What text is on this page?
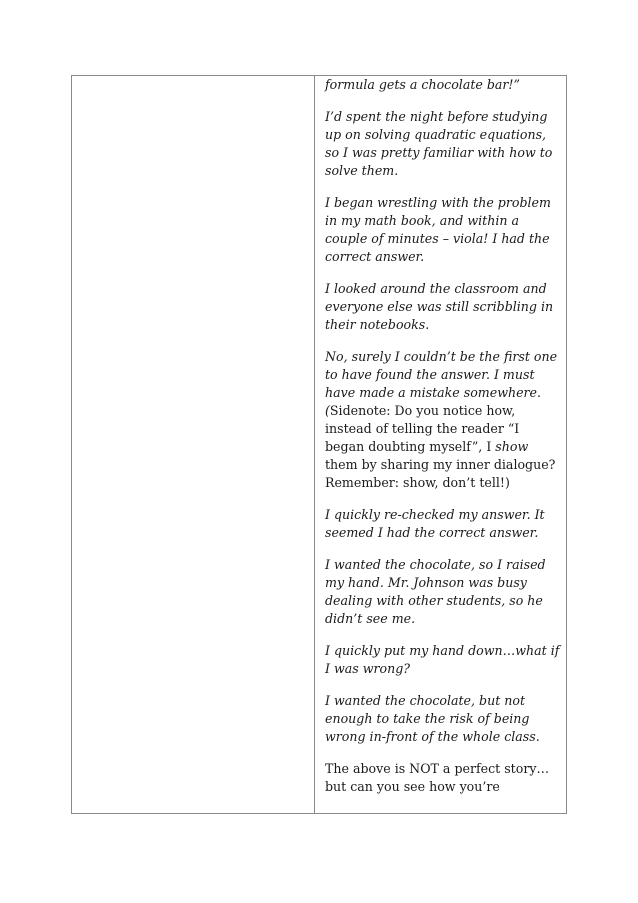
formula gets a chocolate bar!”

I’d spent the night before studying up on solving quadratic equations, so I was pretty familiar with how to solve them.

I began wrestling with the problem in my math book, and within a couple of minutes – viola! I had the correct answer.

I looked around the classroom and everyone else was still scribbling in their notebooks.

No, surely I couldn’t be the first one to have found the answer. I must have made a mistake somewhere. (Sidenote: Do you notice how, instead of telling the reader “I began doubting myself”, I show them by sharing my inner dialogue? Remember: show, don’t tell!)

I quickly re-checked my answer. It seemed I had the correct answer.

I wanted the chocolate, so I raised my hand. Mr. Johnson was busy dealing with other students, so he didn’t see me.

I quickly put my hand down…what if I was wrong?

I wanted the chocolate, but not enough to take the risk of being wrong in-front of the whole class.

The above is NOT a perfect story…but can you see how you’re
